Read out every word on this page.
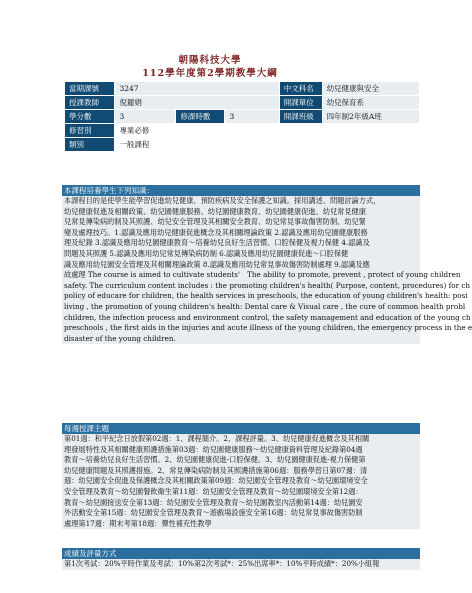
朝陽科技大學
112學年度第2學期教學大綱
當期課號	3247	中文科名	幼兒健康與安全
授課教師	倪麗娟	開課單位	幼兒保育系
學分數		3	修課時數	3
		開課班級	四年制2年級A班
修習別	專業必修		
類別	一般課程		
本課程培養學生下列知識：
本課程目的是使學生能學習促進幼兒健康、預防疾病及安全保護之知識。採用講述、問題討論方式，
幼兒健康促進及相關政策、幼兒園健康服務、幼兒園健康教育、幼兒園健康促進、幼兒常見健康
兒常見傳染病的制及其照護、幼兒安全管理及其相關安全教育、幼兒常見事故傷害防制、幼兒緊
變及處理技巧。1.認識及應用幼兒健康促進概念及其相關理論政策 2.認識及應用幼兒園健康服務
理及紀錄 3.認識及應用幼兒園健康教育～培養幼兒良好生活習慣、口腔保健及視力保健 4.認識及
問題及其照護 5.認識及應用幼兒常見傳染病防制 6.認識及應用幼兒園健康促進～口腔保健
識及應用幼兒園安全管理及其相關理論政策 8.認識及應用幼兒常見事故傷害防制處理 9.認識及應
故處理 The course is aimed to cultivate students'　The ability to promote, prevent , protect of young children
safety. The curriculum content includes : the promoting children's health( Purpose, content, procedures) for ch
policy of educare for children, the health services in preschools, the education of young children's health: posi
living , the promotion of young children's health: Dental care & Visual care , the cure of common health probl
children, the infection process and environment control, the safety management and education of the young ch
preschools , the first aids in the injuries and acute illness of the young children, the emergency process in the e
disaster of the young children.
每週授課主題
第01週：和平紀念日放假第02週：1、課程簡介。2、課程評量。3、幼兒健康促進概念及其相關
理發展特性及其相關健康照護措施第03週：幼兒園健康服務～幼兒健康資料管理及紀錄第04週
教育～培養幼兒良好生活習慣。2、幼兒園健康促進-口腔保健。3、幼兒園健康促進-視力保健第
幼兒健康問題及其照護措施。2、常見傳染病防制及其照護措施第06週：服務學習日第07週：清
週：幼兒園安全促進及保護概念及其相關政策第09週：幼兒園安全管理及教育～幼兒園環境安全
安全管理及教育～幼兒園餐飲衛生第11週：幼兒園安全管理及教育～幼兒園環境安全第12週：
教育～幼兒園接送安全第13週：幼兒園安全管理及教育～幼兒園教室內活動第14週：幼兒園安
外活動安全第15週：幼兒園安全管理及教育～遊戲場設施安全第16週：幼兒常見事故傷害防制
處理第17週：期末考第18週：彈性補充性教學
成績及評量方式
第1次考試：20%平時作業及考試：10%第2次考試*：25%出席率*：10%平時成績*：20%小組報
